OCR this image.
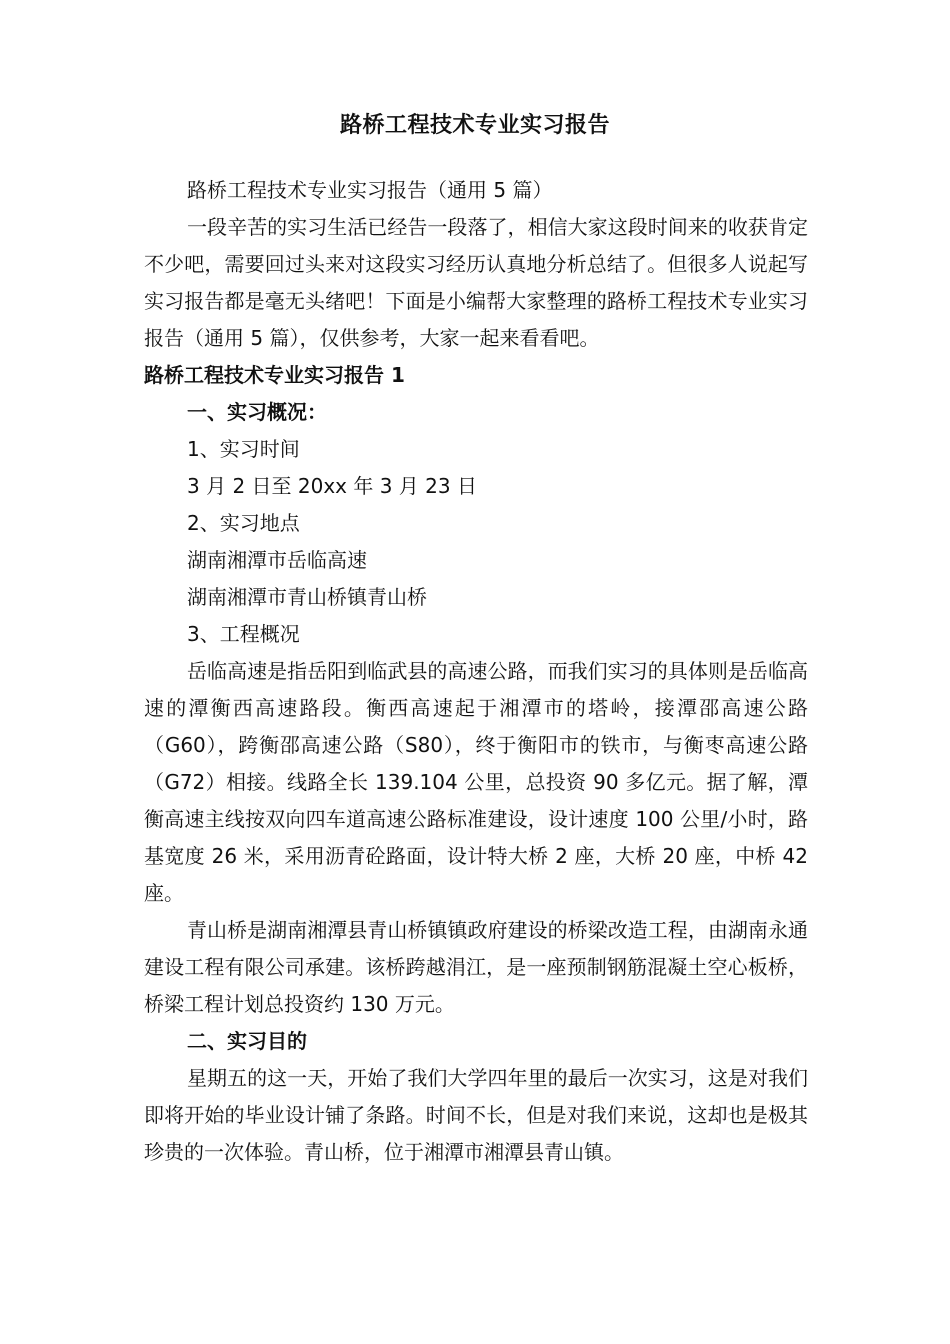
路桥工程技术专业实习报告

路桥工程技术专业实习报告（通用 5 篇）

一段辛苦的实习生活已经告一段落了，相信大家这段时间来的收获肯定不少吧，需要回过头来对这段实习经历认真地分析总结了。但很多人说起写实习报告都是毫无头绪吧！下面是小编帮大家整理的路桥工程技术专业实习报告（通用 5 篇），仅供参考，大家一起来看看吧。

路桥工程技术专业实习报告 1

一、实习概况：

1、实习时间

3 月 2 日至 20xx 年 3 月 23 日

2、实习地点

湖南湘潭市岳临高速

湖南湘潭市青山桥镇青山桥

3、工程概况

岳临高速是指岳阳到临武县的高速公路，而我们实习的具体则是岳临高速的潭衡西高速路段。衡西高速起于湘潭市的塔岭，接潭邵高速公路（G60），跨衡邵高速公路（S80），终于衡阳市的铁市，与衡枣高速公路（G72）相接。线路全长 139.104 公里，总投资 90 多亿元。据了解，潭衡高速主线按双向四车道高速公路标准建设，设计速度 100 公里/小时，路基宽度 26 米，采用沥青砼路面，设计特大桥 2 座，大桥 20 座，中桥 42 座。

青山桥是湖南湘潭县青山桥镇镇政府建设的桥梁改造工程，由湖南永通建设工程有限公司承建。该桥跨越涓江，是一座预制钢筋混凝土空心板桥，桥梁工程计划总投资约 130 万元。

二、实习目的

星期五的这一天，开始了我们大学四年里的最后一次实习，这是对我们即将开始的毕业设计铺了条路。时间不长，但是对我们来说，这却也是极其珍贵的一次体验。青山桥，位于湘潭市湘潭县青山镇。
